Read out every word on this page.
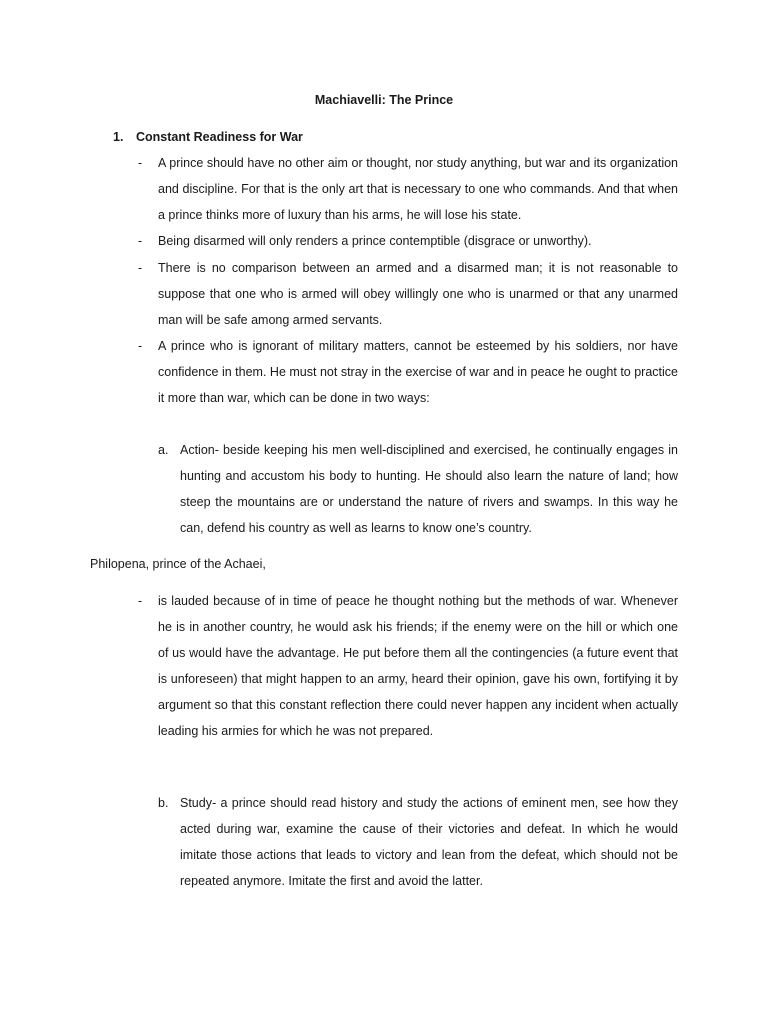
Machiavelli: The Prince
1. Constant Readiness for War
- A prince should have no other aim or thought, nor study anything, but war and its organization and discipline. For that is the only art that is necessary to one who commands. And that when a prince thinks more of luxury than his arms, he will lose his state.

- Being disarmed will only renders a prince contemptible (disgrace or unworthy).

- There is no comparison between an armed and a disarmed man; it is not reasonable to suppose that one who is armed will obey willingly one who is unarmed or that any unarmed man will be safe among armed servants.

- A prince who is ignorant of military matters, cannot be esteemed by his soldiers, nor have confidence in them. He must not stray in the exercise of war and in peace he ought to practice it more than war, which can be done in two ways:

a. Action- beside keeping his men well-disciplined and exercised, he continually engages in hunting and accustom his body to hunting. He should also learn the nature of land; how steep the mountains are or understand the nature of rivers and swamps. In this way he can, defend his country as well as learns to know one’s country.

Philopena, prince of the Achaei,

- is lauded because of in time of peace he thought nothing but the methods of war. Whenever he is in another country, he would ask his friends; if the enemy were on the hill or which one of us would have the advantage. He put before them all the contingencies (a future event that is unforeseen) that might happen to an army, heard their opinion, gave his own, fortifying it by argument so that this constant reflection there could never happen any incident when actually leading his armies for which he was not prepared.

b. Study- a prince should read history and study the actions of eminent men, see how they acted during war, examine the cause of their victories and defeat. In which he would imitate those actions that leads to victory and lean from the defeat, which should not be repeated anymore. Imitate the first and avoid the latter.
